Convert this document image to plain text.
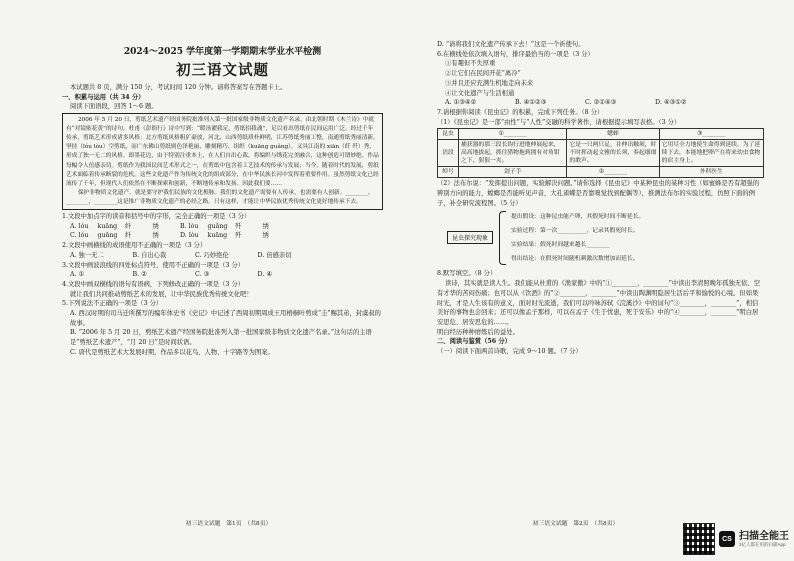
2024～2025 学年度第一学期期末学业水平检测
初三语文试题
本试题共 8 页，满分 150 分，考试时间 120 分钟。请将答案写在答题卡上。
一、积累与运用（共 34 分）
阅读下面语段，回答 1～6 题。
2006 年 5 月 20 日，剪纸艺术遗产经国务院批准列入第一批国家级非物质文化遗产名录。由北朝时期《木兰诗》中就有“对镜贴花黄”的诗句。杜甫《彭衙行》诗中写到：“暖汤濯我足，剪纸招我魂”，足以看出剪纸在民间运用广泛。经过千年传承，剪纸艺术形成诸多风格：北方剪纸风格粗犷豪放，河北、山西剪纸质朴鲜明，江苏剪纸秀丽工整，南通剪纸秀丽清新，坚持（lóu lòu）空剪纸，而广东佛山剪纸则色泽艳丽、雕刻精巧、组织（kuāng guǎng），又具江南的 xiān（纤 歼）秀，形成了独一无二的风格。即墨花边，由于特别注重本土，在人们自出心裁，将编织与绣花完美融合，这种创造可谓妙绝。作品每幅令人倍感亲切。剪纸作为我国民间艺术形式之一，在剪纸中包含着工艺技术的传承与发展；当今，随着时代的发展，剪纸艺术面临着传承断裂的危机。这些文化遗产作为传统文化的组成部分，在中华民族长河中发挥着重要作用。虽然剪纸文化已经流传了千年，但现代人们依然在不断探索和创新，不断地传承和发扬。因此我们要……
保护非物质文化遗产，就是要守护我们民族的文化根脉。我们的文化遗产需要有人传承，也需要有人创新。________，________，________这是推广非物质文化遗产的必经之路。只有这样，才能让中华民族优秀传统文化更好地传承下去。
1.文段中加点字的读音和括号中的字形，完全正确的一项是（3 分）
A. lóu	kuāng	纤	绣	B. lòu	guǎng	歼	绣
C. lóu	guǎng	纤	绣	D. lòu	kuāng	歼	绣
2.文段中画横线的成语使用不正确的一项是（3 分）
A. 独一无二	B. 自出心裁	C. 巧妙绝伦	D. 倍感亲切
3.文段中画波浪线的四处标点符号，使用不正确的一项是（3 分）
A. ①	B. ②	C. ③	D. ④
4.文段中画双横线的语句有语病，下列修改正确的一项是（3 分）
就让我们共同推动剪纸艺术的发展，让中华民族优秀传统文化吧！
5.下列说法不正确的一项是（3 分）
A. 西汉时期的司马迁所撰写的编年体史书《史记》中记述了西周初期周成王用梧桐叶剪成“圭”赐其弟，封虞叔的故事。
B. “2006 年 5 月 20 日，剪纸艺术遗产经国务院批准列入第一批国家级非物质文化遗产名录。”这句话的主语是“剪纸艺术遗产”，“月 20 日”是时间状语。
C. 唐代是剪纸艺术大发展时期，作品多以花鸟、人物、十字路等为图案。
初三语文试题　第1页　（共8页）
D. “请将我们文化遗产传承下去！”这是一个祈使句。
6.在横线处依次填入语句，排序最恰当的一项是（3 分）
①有趣但不失厚重
②让它们在民间开花“离冷”
③并且还应充满生机地走向未来
④让文化遗产与生活相通
A. ①③④②	B. ④①②③	C. ②①④③	D. ④③①②
7.请根据你阅读《昆虫记》的积累，完成下列任务。（8 分）
（1）《昆虫记》是一部“由性”与“人性”交融的科学著作，请根据提示填写表格。（3 分）
昆虫	①________	蟋蟀	③________
语段	捕获器的那三段长钩行进地伸展起来，高高地拔起，抓住猎物拖到拥有对角钳之下，狠狠一夹。	它是一只两只足，并伸出触须，时不时挥动起文雅的长须，奏起细细的歌声。	它用尽全力地使生命得到延续，为了延续下去，本能地把卵产在将来幼虫食物的宿主身上。
绰号	刽子手	②________	外科医生
（2）法布尔说：“发挥提出问题，实验解决问题。”请你选择《昆虫记》中某种昆虫的某种习性（如蜜蜂是否有超强的辨别方向的能力，螳螂是否能听见声音，大孔雀蝶是否靠嗅觉找到配偶等），推测法布尔的实验过程，仿照下面的例子，补全研究流程图。（5 分）
昆虫探究现象
提出假设：这种昆虫能产卵，其假死时间不断延长。
实验过程：第一次__________，记录其假死时长。
实验结果：假死时间越来越长________
得出结论：在假死时间随机刺激次数增加而延长。
8.默写填空。（8 分）
读诗，其实就是读人生。我们能从杜甫的《渔家傲》中的“①________，________”中读出李清照晚年孤独无依、空有才华的苦闷伤痛；也可以从《饮酒》的“②________，________”中读出陶渊明隐居生活后平和愉悦的心境。但如果时光，才是人生该有的意义，面对时光流逝，我们可以吟咏苏轼《浣溪沙》中的词句“③________，________”，相信美好的事物也会回来；还可以像孟子那样，可以在孟子《生于忧患，死于安乐》中的“④________，________”明白居安思危、居安思危的……。
明白经历种种磨炼后的益处。
二、阅读与鉴赏（56 分）
（一）阅读下面两首诗歌，完成 9～10 题。（7 分）
初三语文试题　第2页　（共8页）
CS 扫描全能王
3亿人都在用的扫描App
